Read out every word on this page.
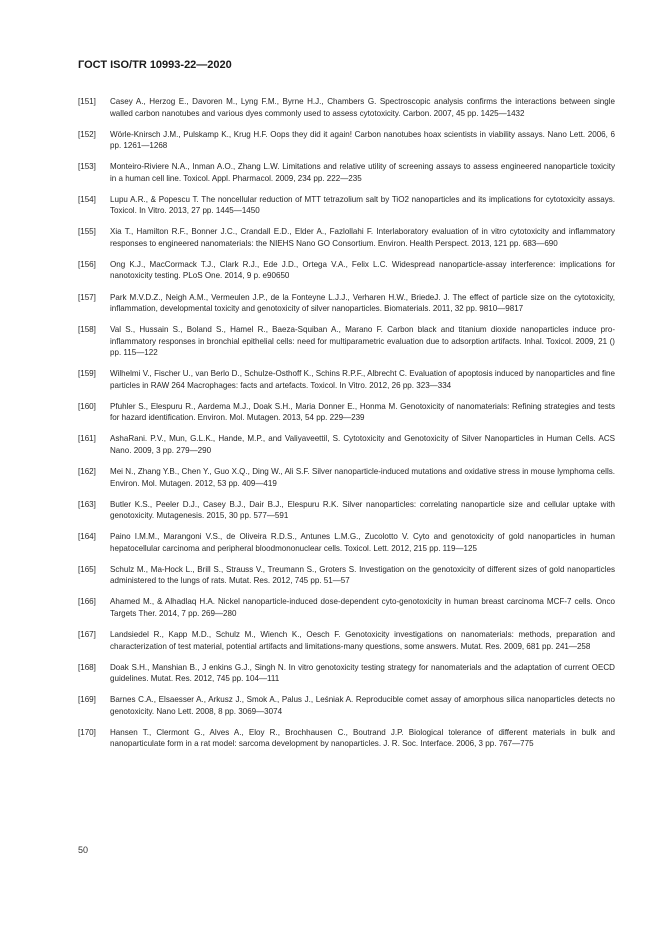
ГОСТ ISO/TR 10993-22—2020
[151] Casey A., Herzog E., Davoren M., Lyng F.M., Byrne H.J., Chambers G. Spectroscopic analysis confirms the interactions between single walled carbon nanotubes and various dyes commonly used to assess cytotoxicity. Carbon. 2007, 45 pp. 1425—1432
[152] Wörle-Knirsch J.M., Pulskamp K., Krug H.F. Oops they did it again! Carbon nanotubes hoax scientists in viability assays. Nano Lett. 2006, 6 pp. 1261—1268
[153] Monteiro-Riviere N.A., Inman A.O., Zhang L.W. Limitations and relative utility of screening assays to assess engineered nanoparticle toxicity in a human cell line. Toxicol. Appl. Pharmacol. 2009, 234 pp. 222—235
[154] Lupu A.R., & Popescu T. The noncellular reduction of MTT tetrazolium salt by TiO2 nanoparticles and its implications for cytotoxicity assays. Toxicol. In Vitro. 2013, 27 pp. 1445—1450
[155] Xia T., Hamilton R.F., Bonner J.C., Crandall E.D., Elder A., Fazlollahi F. Interlaboratory evaluation of in vitro cytotoxicity and inflammatory responses to engineered nanomaterials: the NIEHS Nano GO Consortium. Environ. Health Perspect. 2013, 121 pp. 683—690
[156] Ong K.J., MacCormack T.J., Clark R.J., Ede J.D., Ortega V.A., Felix L.C. Widespread nanoparticle-assay interference: implications for nanotoxicity testing. PLoS One. 2014, 9 p. e90650
[157] Park M.V.D.Z., Neigh A.M., Vermeulen J.P., de la Fonteyne L.J.J., Verharen H.W., BriedeJ. J. The effect of particle size on the cytotoxicity, inflammation, developmental toxicity and genotoxicity of silver nanoparticles. Biomaterials. 2011, 32 pp. 9810—9817
[158] Val S., Hussain S., Boland S., Hamel R., Baeza-Squiban A., Marano F. Carbon black and titanium dioxide nanoparticles induce pro-inflammatory responses in bronchial epithelial cells: need for multiparametric evaluation due to adsorption artifacts. Inhal. Toxicol. 2009, 21 () pp. 115—122
[159] Wilhelmi V., Fischer U., van Berlo D., Schulze-Osthoff K., Schins R.P.F., Albrecht C. Evaluation of apoptosis induced by nanoparticles and fine particles in RAW 264 Macrophages: facts and artefacts. Toxicol. In Vitro. 2012, 26 pp. 323—334
[160] Pfuhler S., Elespuru R., Aardema M.J., Doak S.H., Maria Donner E., Honma M. Genotoxicity of nanomaterials: Refining strategies and tests for hazard identification. Environ. Mol. Mutagen. 2013, 54 pp. 229—239
[161] AshaRani. P.V., Mun, G.L.K., Hande, M.P., and Valiyaveettil, S. Cytotoxicity and Genotoxicity of Silver Nanoparticles in Human Cells. ACS Nano. 2009, 3 pp. 279—290
[162] Mei N., Zhang Y.B., Chen Y., Guo X.Q., Ding W., Ali S.F. Silver nanoparticle-induced mutations and oxidative stress in mouse lymphoma cells. Environ. Mol. Mutagen. 2012, 53 pp. 409—419
[163] Butler K.S., Peeler D.J., Casey B.J., Dair B.J., Elespuru R.K. Silver nanoparticles: correlating nanoparticle size and cellular uptake with genotoxicity. Mutagenesis. 2015, 30 pp. 577—591
[164] Paino I.M.M., Marangoni V.S., de Oliveira R.D.S., Antunes L.M.G., Zucolotto V. Cyto and genotoxicity of gold nanoparticles in human hepatocellular carcinoma and peripheral bloodmononuclear cells. Toxicol. Lett. 2012, 215 pp. 119—125
[165] Schulz M., Ma-Hock L., Brill S., Strauss V., Treumann S., Groters S. Investigation on the genotoxicity of different sizes of gold nanoparticles administered to the lungs of rats. Mutat. Res. 2012, 745 pp. 51—57
[166] Ahamed M., & Alhadlaq H.A. Nickel nanoparticle-induced dose-dependent cyto-genotoxicity in human breast carcinoma MCF-7 cells. Onco Targets Ther. 2014, 7 pp. 269—280
[167] Landsiedel R., Kapp M.D., Schulz M., Wiench K., Oesch F. Genotoxicity investigations on nanomaterials: methods, preparation and characterization of test material, potential artifacts and limitations-many questions, some answers. Mutat. Res. 2009, 681 pp. 241—258
[168] Doak S.H., Manshian B., J enkins G.J., Singh N. In vitro genotoxicity testing strategy for nanomaterials and the adaptation of current OECD guidelines. Mutat. Res. 2012, 745 pp. 104—111
[169] Barnes C.A., Elsaesser A., Arkusz J., Smok A., Palus J., Leśniak A. Reproducible comet assay of amorphous silica nanoparticles detects no genotoxicity. Nano Lett. 2008, 8 pp. 3069—3074
[170] Hansen T., Clermont G., Alves A., Eloy R., Brochhausen C., Boutrand J.P. Biological tolerance of different materials in bulk and nanoparticulate form in a rat model: sarcoma development by nanoparticles. J. R. Soc. Interface. 2006, 3 pp. 767—775
50
